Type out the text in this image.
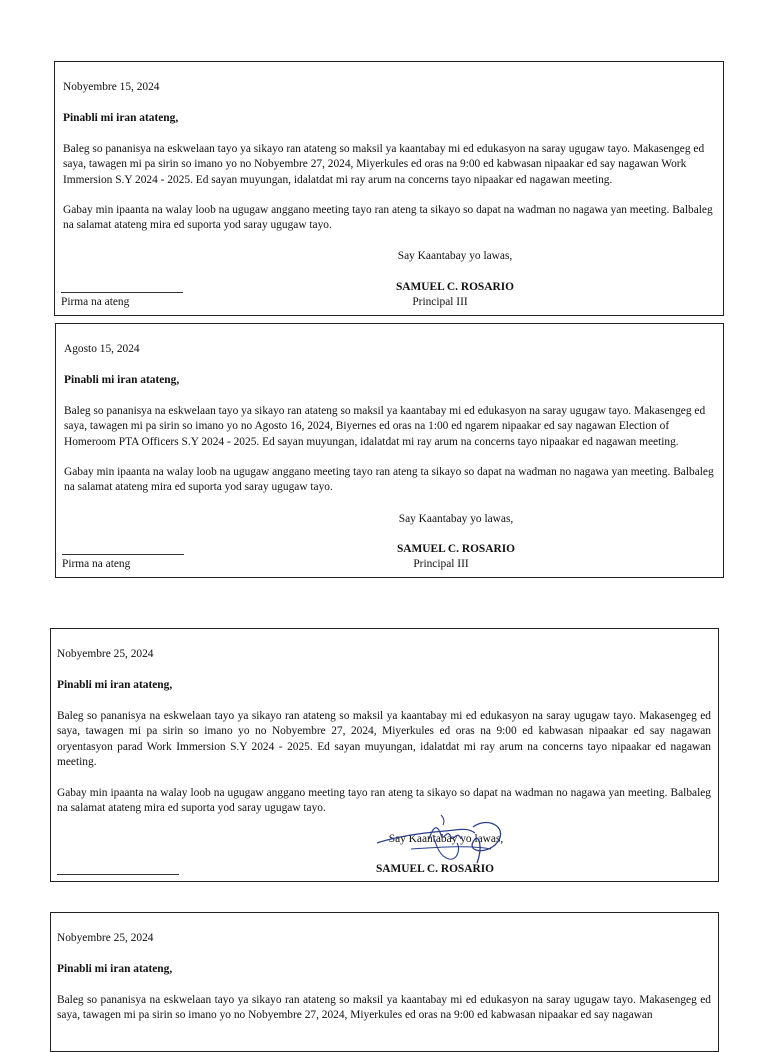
Nobyembre 15, 2024

Pinabli mi iran atateng,

Baleg so pananisya na eskwelaan tayo ya sikayo ran atateng so maksil ya kaantabay mi ed edukasyon na saray ugugaw tayo. Makasengeg ed saya, tawagen mi pa sirin so imano yo no Nobyembre 27, 2024, Miyerkules ed oras na 9:00 ed kabwasan nipaakar ed say nagawan Work Immersion S.Y 2024 - 2025. Ed sayan muyungan, idalatdat mi ray arum na concerns tayo nipaakar ed nagawan meeting.

Gabay min ipaanta na walay loob na ugugaw anggano meeting tayo ran ateng ta sikayo so dapat na wadman no nagawa yan meeting. Balbaleg na salamat atateng mira ed suporta yod saray ugugaw tayo.

Say Kaantabay yo lawas,

SAMUEL C. ROSARIO

Pirma na ateng	Principal III

Agosto 15, 2024

Pinabli mi iran atateng,

Baleg so pananisya na eskwelaan tayo ya sikayo ran atateng so maksil ya kaantabay mi ed edukasyon na saray ugugaw tayo. Makasengeg ed saya, tawagen mi pa sirin so imano yo no Agosto 16, 2024, Biyernes ed oras na 1:00 ed ngarem nipaakar ed say nagawan Election of Homeroom PTA Officers S.Y 2024 - 2025. Ed sayan muyungan, idalatdat mi ray arum na concerns tayo nipaakar ed nagawan meeting.

Gabay min ipaanta na walay loob na ugugaw anggano meeting tayo ran ateng ta sikayo so dapat na wadman no nagawa yan meeting. Balbaleg na salamat atateng mira ed suporta yod saray ugugaw tayo.

Say Kaantabay yo lawas,

SAMUEL C. ROSARIO

Pirma na ateng	Principal III

Nobyembre 25, 2024

Pinabli mi iran atateng,

Baleg so pananisya na eskwelaan tayo ya sikayo ran atateng so maksil ya kaantabay mi ed edukasyon na saray ugugaw tayo. Makasengeg ed saya, tawagen mi pa sirin so imano yo no Nobyembre 27, 2024, Miyerkules ed oras na 9:00 ed kabwasan nipaakar ed say nagawan oryentasyon parad Work Immersion S.Y 2024 - 2025. Ed sayan muyungan, idalatdat mi ray arum na concerns tayo nipaakar ed nagawan meeting.

Gabay min ipaanta na walay loob na ugugaw anggano meeting tayo ran ateng ta sikayo so dapat na wadman no nagawa yan meeting. Balbaleg na salamat atateng mira ed suporta yod saray ugugaw tayo.

Say Kaantabay yo lawas,

SAMUEL C. ROSARIO

Nobyembre 25, 2024

Pinabli mi iran atateng,

Baleg so pananisya na eskwelaan tayo ya sikayo ran atateng so maksil ya kaantabay mi ed edukasyon na saray ugugaw tayo. Makasengeg ed saya, tawagen mi pa sirin so imano yo no Nobyembre 27, 2024, Miyerkules ed oras na 9:00 ed kabwasan nipaakar ed say nagawan
